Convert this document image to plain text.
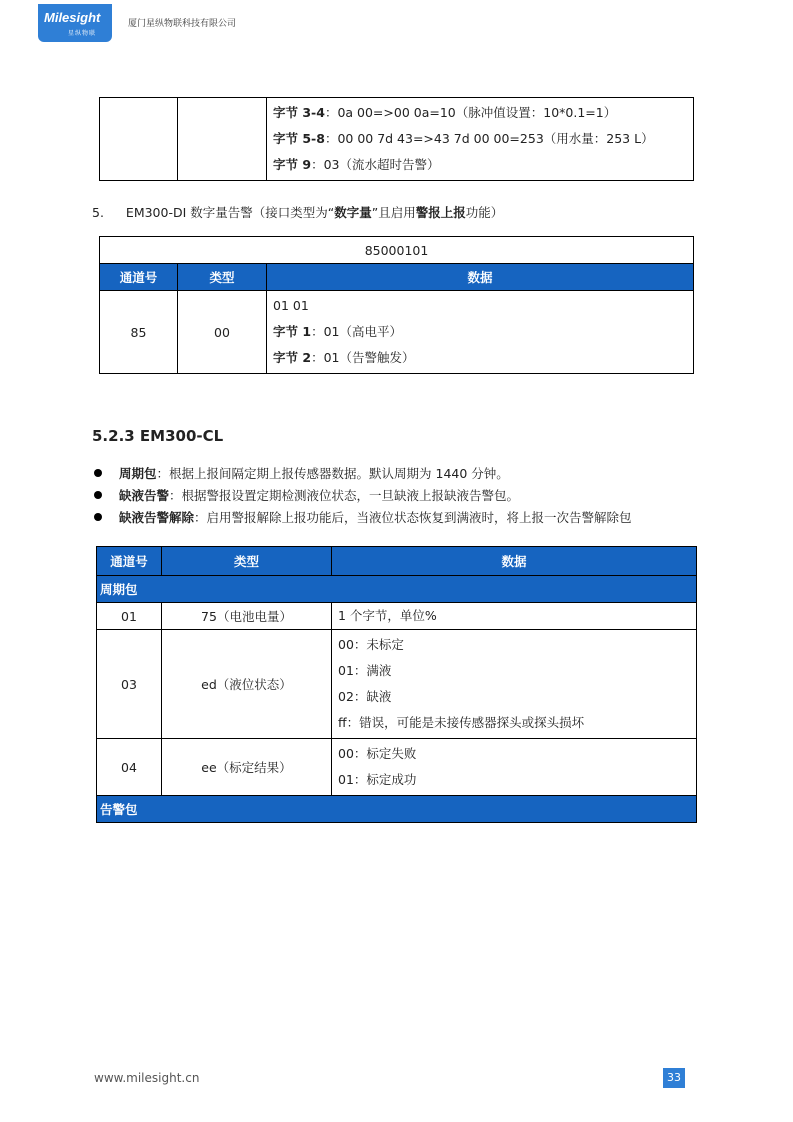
Milesight
星纵物联
厦门星纵物联科技有限公司

字节 3-4：0a 00=>00 0a=10（脉冲值设置：10*0.1=1）
字节 5-8：00 00 7d 43=>43 7d 00 00=253（用水量：253 L）
字节 9：03（流水超时告警）
5. EM300-DI 数字量告警（接口类型为“数字量”且启用警报上报功能）
85000101		
通道号	类型	数据
85	00	01 01
字节 1：01（高电平）
字节 2：01（告警触发）
5.2.3 EM300-CL
周期包：根据上报间隔定期上报传感器数据。默认周期为 1440 分钟。
缺液告警：根据警报设置定期检测液位状态，一旦缺液上报缺液告警包。
缺液告警解除：启用警报解除上报功能后，当液位状态恢复到满液时，将上报一次告警解除包
通道号	类型	数据
周期包		
01	75（电池电量）	1 个字节，单位%

03	ed（液位状态）	00：未标定
01：满液
02：缺液
ff：错误，可能是未接传感器探头或探头损坏

04	ee（标定结果）	00：标定失败
01：标定成功

告警包		
www.milesight.cn	33
